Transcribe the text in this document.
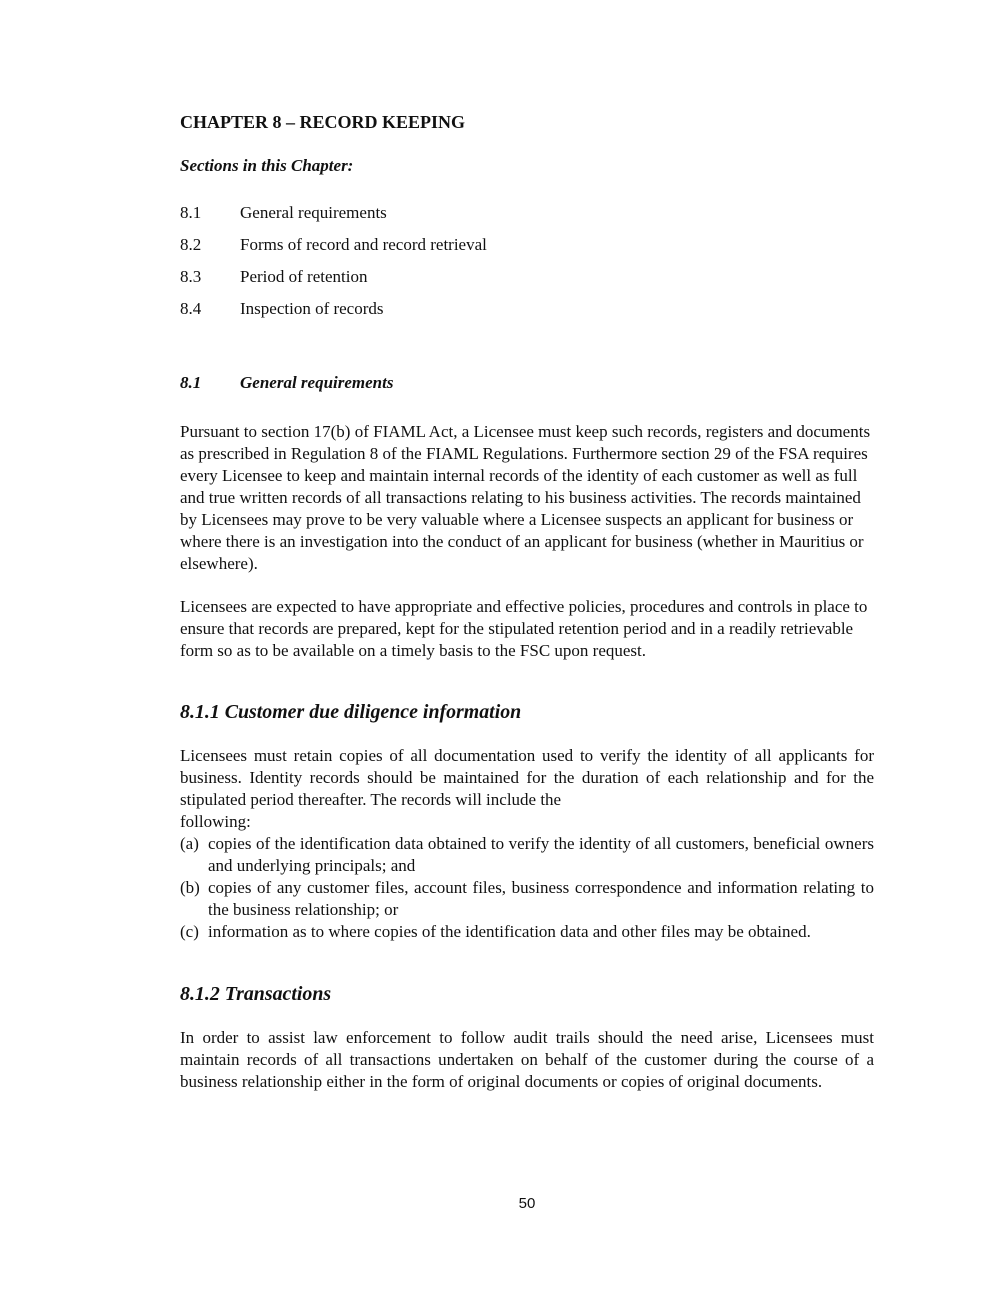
CHAPTER 8 – RECORD KEEPING

Sections in this Chapter:

8.1	General requirements
8.2	Forms of record and record retrieval
8.3	Period of retention
8.4	Inspection of records
8.1	General requirements

Pursuant to section 17(b) of FIAML Act, a Licensee must keep such records, registers and documents as prescribed in Regulation 8 of the FIAML Regulations. Furthermore section 29 of the FSA requires every Licensee to keep and maintain internal records of the identity of each customer as well as full and true written records of all transactions relating to his business activities. The records maintained by Licensees may prove to be very valuable where a Licensee suspects an applicant for business or where there is an investigation into the conduct of an applicant for business (whether in Mauritius or elsewhere).

Licensees are expected to have appropriate and effective policies, procedures and controls in place to ensure that records are prepared, kept for the stipulated retention period and in a readily retrievable form so as to be available on a timely basis to the FSC upon request.

8.1.1 Customer due diligence information
Licensees must retain copies of all documentation used to verify the identity of all applicants for business. Identity records should be maintained for the duration of each relationship and for the stipulated period thereafter. The records will include the
following:
(a) copies of the identification data obtained to verify the identity of all customers, beneficial owners and underlying principals; and
(b) copies of any customer files, account files, business correspondence and information relating to the business relationship; or
(c) information as to where copies of the identification data and other files may be obtained.
8.1.2 Transactions

In order to assist law enforcement to follow audit trails should the need arise, Licensees must maintain records of all transactions undertaken on behalf of the customer during the course of a business relationship either in the form of original documents or copies of original documents.

50
